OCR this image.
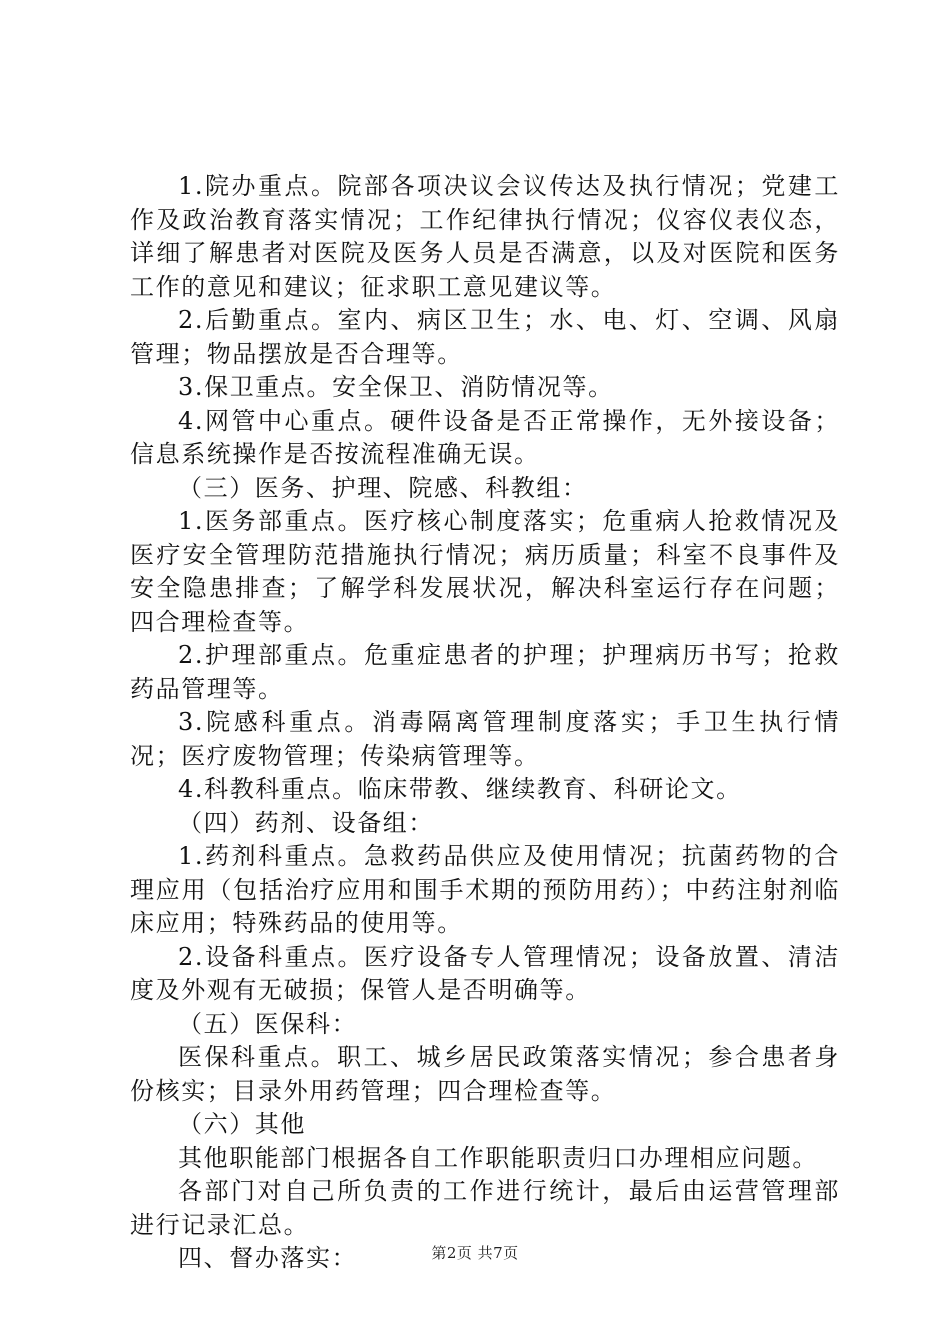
1.院办重点。院部各项决议会议传达及执行情况；党建工作及政治教育落实情况；工作纪律执行情况；仪容仪表仪态，详细了解患者对医院及医务人员是否满意，以及对医院和医务工作的意见和建议；征求职工意见建议等。

2.后勤重点。室内、病区卫生；水、电、灯、空调、风扇管理；物品摆放是否合理等。

3.保卫重点。安全保卫、消防情况等。

4.网管中心重点。硬件设备是否正常操作，无外接设备；信息系统操作是否按流程准确无误。

（三）医务、护理、院感、科教组：

1.医务部重点。医疗核心制度落实；危重病人抢救情况及医疗安全管理防范措施执行情况；病历质量；科室不良事件及安全隐患排查；了解学科发展状况，解决科室运行存在问题；四合理检查等。

2.护理部重点。危重症患者的护理；护理病历书写；抢救药品管理等。

3.院感科重点。消毒隔离管理制度落实；手卫生执行情况；医疗废物管理；传染病管理等。

4.科教科重点。临床带教、继续教育、科研论文。

（四）药剂、设备组：

1.药剂科重点。急救药品供应及使用情况；抗菌药物的合理应用（包括治疗应用和围手术期的预防用药）；中药注射剂临床应用；特殊药品的使用等。

2.设备科重点。医疗设备专人管理情况；设备放置、清洁度及外观有无破损；保管人是否明确等。

（五）医保科：

医保科重点。职工、城乡居民政策落实情况；参合患者身份核实；目录外用药管理；四合理检查等。

（六）其他

其他职能部门根据各自工作职能职责归口办理相应问题。

各部门对自己所负责的工作进行统计，最后由运营管理部进行记录汇总。

四、督办落实：	第2页 共7页
